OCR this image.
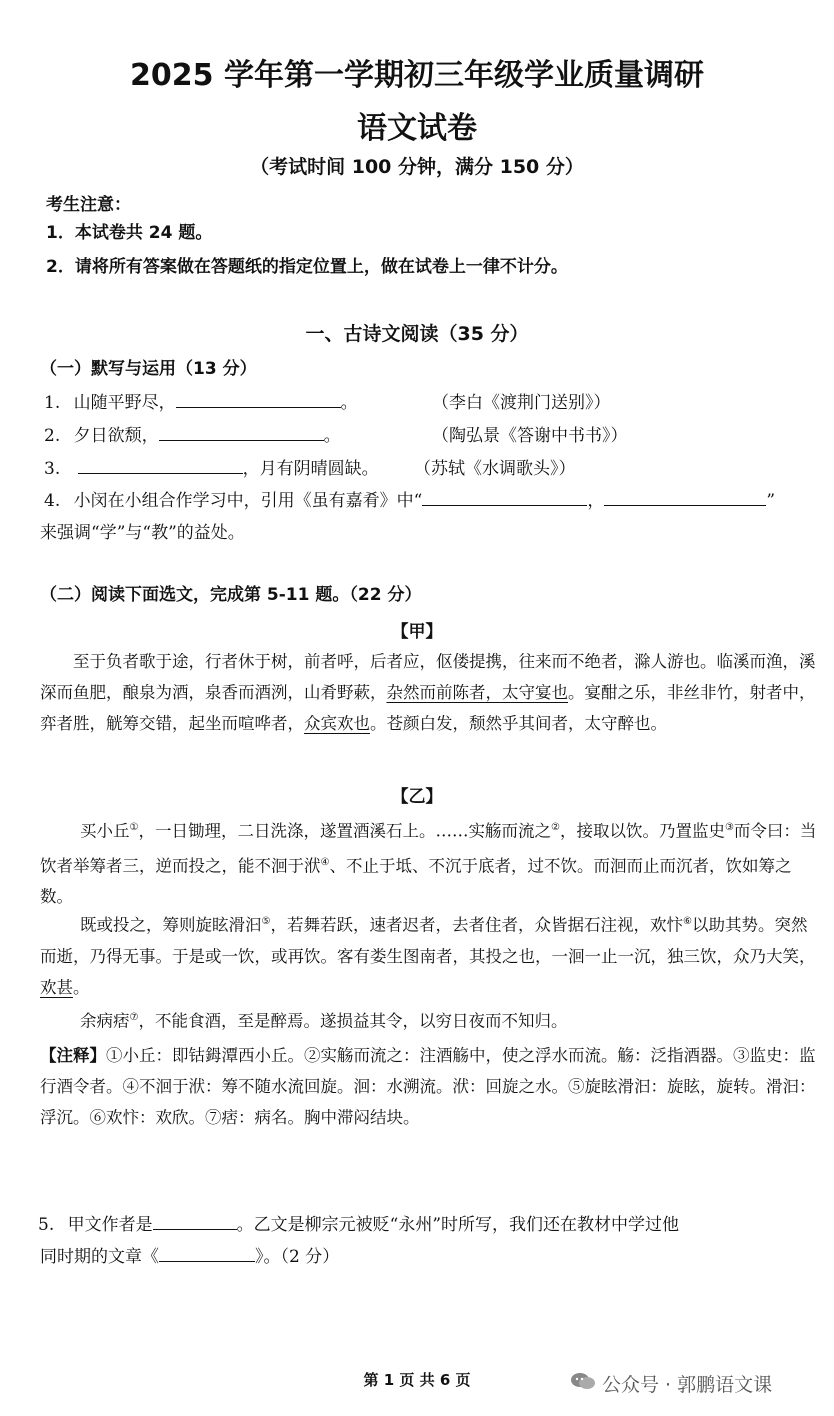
2025 学年第一学期初三年级学业质量调研
语文试卷
（考试时间 100 分钟，满分 150 分）
考生注意：
1．本试卷共 24 题。
2．请将所有答案做在答题纸的指定位置上，做在试卷上一律不计分。
一、古诗文阅读（35 分）
（一）默写与运用（13 分）
1. 山随平野尽，	。	（李白《渡荆门送别》）
2. 夕日欲颓，	。	（陶弘景《答谢中书书》）
3.	，月有阴晴圆缺。 （苏轼《水调歌头》）
4. 小闵在小组合作学习中，引用《虽有嘉肴》中“	，	”
来强调“学”与“教”的益处。
（二）阅读下面选文，完成第 5-11 题。（22 分）
【甲】
至于负者歌于途，行者休于树，前者呼，后者应，伛偻提携，往来而不绝者，滁人游也。临溪而渔，溪深而鱼肥，酿泉为酒，泉香而酒洌，山肴野蔌，杂然而前陈者，太守宴也。宴酣之乐，非丝非竹，射者中，弈者胜，觥筹交错，起坐而喧哗者，众宾欢也。苍颜白发，颓然乎其间者，太守醉也。
【乙】
买小丘①，一日锄理，二日洗涤，遂置酒溪石上。……实觞而流之②，接取以饮。乃置监史③而令曰：当饮者举筹者三，逆而投之，能不洄于洑④、不止于坻、不沉于底者，过不饮。而洄而止而沉者，饮如筹之数。
既或投之，筹则旋眩滑汩⑤，若舞若跃，速者迟者，去者住者，众皆据石注视，欢忭⑥以助其势。突然而逝，乃得无事。于是或一饮，或再饮。客有娄生图南者，其投之也，一洄一止一沉，独三饮，众乃大笑，欢甚。
余病痞⑦，不能食酒，至是醉焉。遂损益其令，以穷日夜而不知归。
【注释】①小丘：即钴鉧潭西小丘。②实觞而流之：注酒觞中，使之浮水而流。觞：泛指酒器。③监史：监行酒令者。④不洄于洑：筹不随水流回旋。洄：水溯流。洑：回旋之水。⑤旋眩滑汩：旋眩，旋转。滑汩：浮沉。⑥欢忭：欢欣。⑦痞：病名。胸中滞闷结块。
5. 甲文作者是	。乙文是柳宗元被贬“永州”时所写，我们还在教材中学过他
同时期的文章《	》。（2 分）
第 1 页 共 6 页	公众号 · 郭鹏语文课
